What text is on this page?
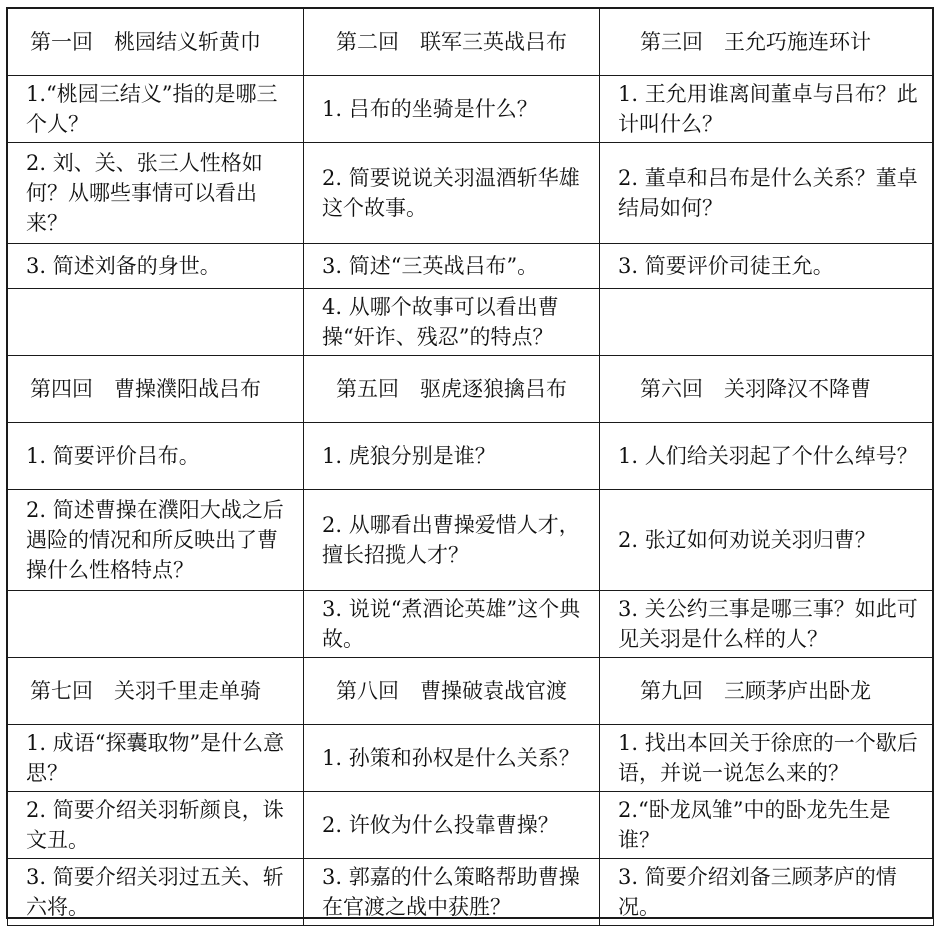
第一回　桃园结义斩黄巾	第二回　联军三英战吕布	第三回　王允巧施连环计
1.“桃园三结义”指的是哪三个人？	1. 吕布的坐骑是什么？	1. 王允用谁离间董卓与吕布？此计叫什么？
2. 刘、关、张三人性格如何？从哪些事情可以看出来？	2. 简要说说关羽温酒斩华雄这个故事。	2. 董卓和吕布是什么关系？董卓结局如何？
3. 简述刘备的身世。	3. 简述“三英战吕布”。	3. 简要评价司徒王允。
	4. 从哪个故事可以看出曹操“奸诈、残忍”的特点？	
第四回　曹操濮阳战吕布	第五回　驱虎逐狼擒吕布	第六回　关羽降汉不降曹
1. 简要评价吕布。	1. 虎狼分别是谁？	1. 人们给关羽起了个什么绰号？
2. 简述曹操在濮阳大战之后遇险的情况和所反映出了曹操什么性格特点？	2. 从哪看出曹操爱惜人才，擅长招揽人才？	2. 张辽如何劝说关羽归曹？
	3. 说说“煮酒论英雄”这个典故。	3. 关公约三事是哪三事？如此可见关羽是什么样的人？
第七回　关羽千里走单骑	第八回　曹操破袁战官渡	第九回　三顾茅庐出卧龙
1. 成语“探囊取物”是什么意思？	1. 孙策和孙权是什么关系？	1. 找出本回关于徐庶的一个歇后语，并说一说怎么来的？
2. 简要介绍关羽斩颜良，诛文丑。	2. 许攸为什么投靠曹操？	2.“卧龙凤雏”中的卧龙先生是谁？
3. 简要介绍关羽过五关、斩六将。	3. 郭嘉的什么策略帮助曹操在官渡之战中获胜？	3. 简要介绍刘备三顾茅庐的情况。
